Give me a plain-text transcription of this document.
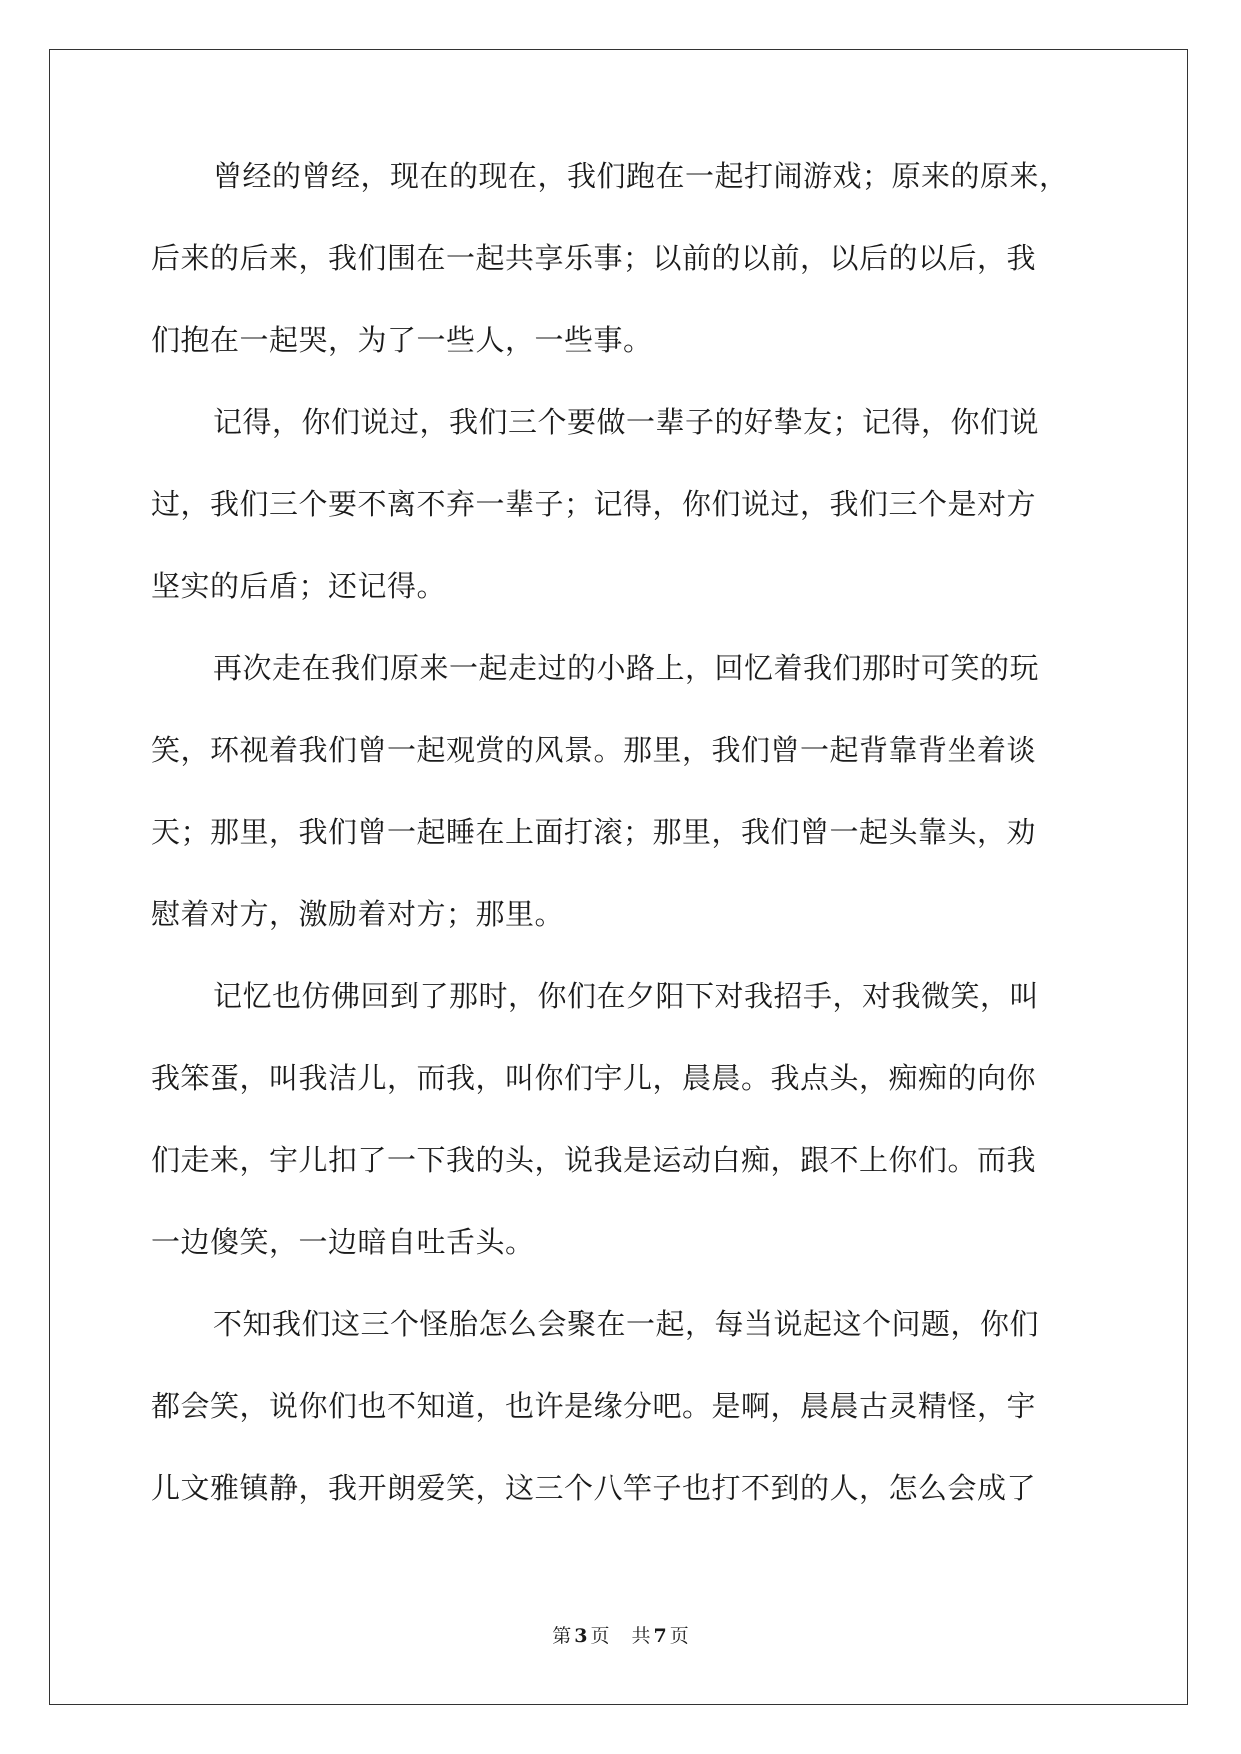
曾经的曾经，现在的现在，我们跑在一起打闹游戏；原来的原来，
后来的后来，我们围在一起共享乐事；以前的以前，以后的以后，我
们抱在一起哭，为了一些人，一些事。
记得，你们说过，我们三个要做一辈子的好挚友；记得，你们说
过，我们三个要不离不弃一辈子；记得，你们说过，我们三个是对方
坚实的后盾；还记得。
再次走在我们原来一起走过的小路上，回忆着我们那时可笑的玩
笑，环视着我们曾一起观赏的风景。那里，我们曾一起背靠背坐着谈
天；那里，我们曾一起睡在上面打滚；那里，我们曾一起头靠头，劝
慰着对方，激励着对方；那里。
记忆也仿佛回到了那时，你们在夕阳下对我招手，对我微笑，叫
我笨蛋，叫我洁儿，而我，叫你们宇儿，晨晨。我点头，痴痴的向你
们走来，宇儿扣了一下我的头，说我是运动白痴，跟不上你们。而我
一边傻笑，一边暗自吐舌头。
不知我们这三个怪胎怎么会聚在一起，每当说起这个问题，你们
都会笑，说你们也不知道，也许是缘分吧。是啊，晨晨古灵精怪，宇
儿文雅镇静，我开朗爱笑，这三个八竿子也打不到的人，怎么会成了
第 3 页 共 7 页
